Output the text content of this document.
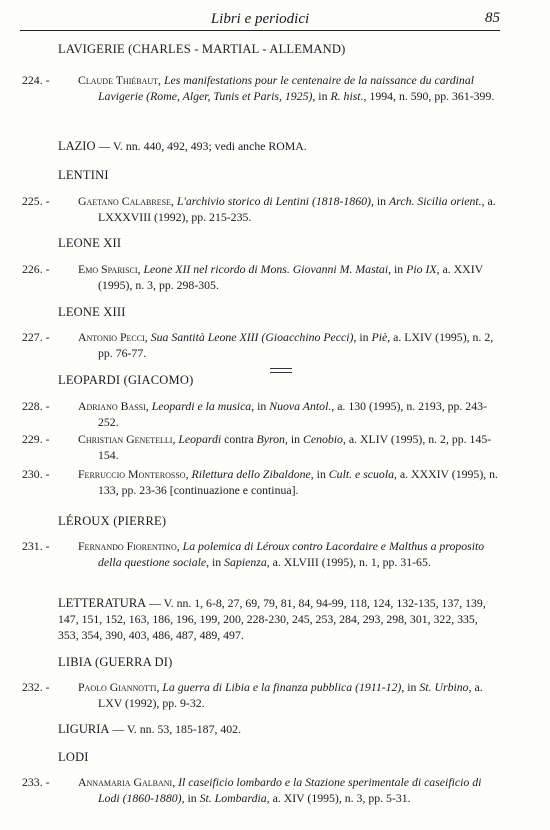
Libri e periodici	85
LAVIGERIE (CHARLES - MARTIAL - ALLEMAND)
224. - Claude Thiébaut, Les manifestations pour le centenaire de la naissance du cardinal Lavigerie (Rome, Alger, Tunis et Paris, 1925), in R. hist., 1994, n. 590, pp. 361-399.
LAZIO — V. nn. 440, 492, 493; vedi anche ROMA.
LENTINI
225. - Gaetano Calabrese, L'archivio storico di Lentini (1818-1860), in Arch. Sicilia orient., a. LXXXVIII (1992), pp. 215-235.
LEONE XII
226. - Emo Sparisci, Leone XII nel ricordo di Mons. Giovanni M. Mastai, in Pio IX, a. XXIV (1995), n. 3, pp. 298-305.
LEONE XIII
227. - Antonio Pecci, Sua Santità Leone XIII (Gioacchino Pecci), in Piè, a. LXIV (1995), n. 2, pp. 76-77.
LEOPARDI (GIACOMO)
228. - Adriano Bassi, Leopardi e la musica, in Nuova Antol., a. 130 (1995), n. 2193, pp. 243-252.
229. - Christian Genetelli, Leopardi contra Byron, in Cenobio, a. XLIV (1995), n. 2, pp. 145-154.
230. - Ferruccio Monterosso, Rilettura dello Zibaldone, in Cult. e scuola, a. XXXIV (1995), n. 133, pp. 23-36 [continuazione e continua].
LÉROUX (PIERRE)
231. - Fernando Fiorentino, La polemica di Léroux contro Lacordaire e Malthus a proposito della questione sociale, in Sapienza, a. XLVIII (1995), n. 1, pp. 31-65.
LETTERATURA — V. nn. 1, 6-8, 27, 69, 79, 81, 84, 94-99, 118, 124, 132-135, 137, 139, 147, 151, 152, 163, 186, 196, 199, 200, 228-230, 245, 253, 284, 293, 298, 301, 322, 335, 353, 354, 390, 403, 486, 487, 489, 497.
LIBIA (GUERRA DI)
232. - Paolo Giannotti, La guerra di Libia e la finanza pubblica (1911-12), in St. Urbino, a. LXV (1992), pp. 9-32.
LIGURIA — V. nn. 53, 185-187, 402.
LODI
233. - Annamaria Galbani, Il caseificio lombardo e la Stazione sperimentale di caseificio di Lodi (1860-1880), in St. Lombardia, a. XIV (1995), n. 3, pp. 5-31.
